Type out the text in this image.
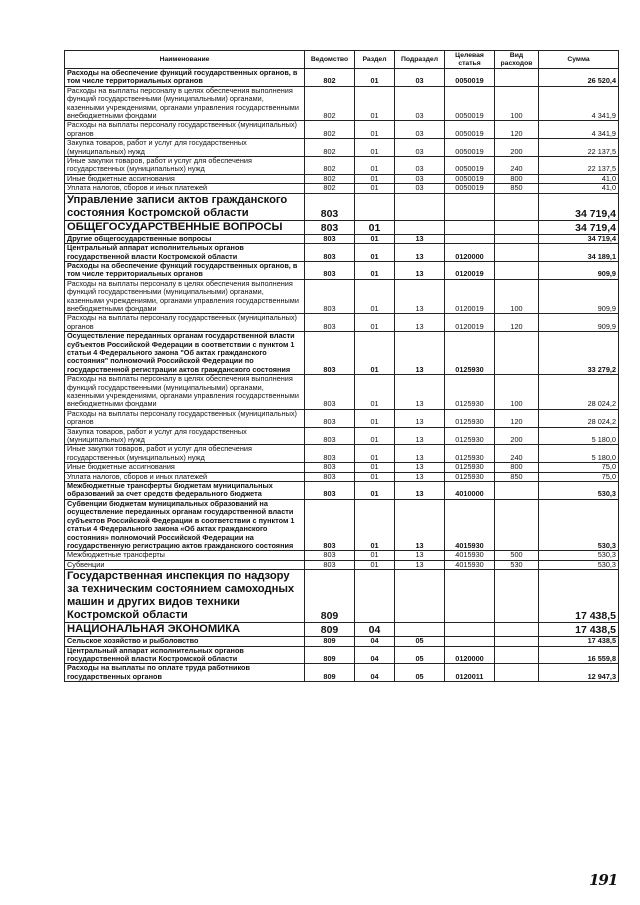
Наименование	Ведомство	Раздел	Подраздел	Целевая статья	Вид расходов	Сумма
Расходы на обеспечение функций государственных органов, в том числе территориальных органов	802	01	03	0050019		26 520,4
Расходы на выплаты персоналу в целях обеспечения выполнения функций государственными (муниципальными) органами, казенными учреждениями, органами управления государственными внебюджетными фондами	802	01	03	0050019	100	4 341,9
Расходы на выплаты персоналу государственных (муниципальных) органов	802	01	03	0050019	120	4 341,9
Закупка товаров, работ и услуг для государственных (муниципальных) нужд	802	01	03	0050019	200	22 137,5
Иные закупки товаров, работ и услуг для обеспечения государственных (муниципальных) нужд	802	01	03	0050019	240	22 137,5
Иные бюджетные ассигнования	802	01	03	0050019	800	41,0
Уплата налогов, сборов и иных платежей	802	01	03	0050019	850	41,0
Управление записи актов гражданского состояния Костромской области	803					34 719,4
ОБЩЕГОСУДАРСТВЕННЫЕ ВОПРОСЫ	803	01				34 719,4
Другие общегосударственные вопросы	803	01	13			34 719,4
Центральный аппарат исполнительных органов государственной власти Костромской области	803	01	13	0120000		34 189,1
Расходы на обеспечение функций государственных органов, в том числе территориальных органов	803	01	13	0120019		909,9
Расходы на выплаты персоналу в целях обеспечения выполнения функций государственными (муниципальными) органами, казенными учреждениями, органами управления государственными внебюджетными фондами	803	01	13	0120019	100	909,9
Расходы на выплаты персоналу государственных (муниципальных) органов	803	01	13	0120019	120	909,9
Осуществление переданных органам государственной власти субъектов Российской Федерации в соответствии с пунктом 1 статьи 4 Федерального закона "Об актах гражданского состояния" полномочий Российской Федерации по государственной регистрации актов гражданского состояния	803	01	13	0125930		33 279,2
Расходы на выплаты персоналу в целях обеспечения выполнения функций государственными (муниципальными) органами, казенными учреждениями, органами управления государственными внебюджетными фондами	803	01	13	0125930	100	28 024,2
Расходы на выплаты персоналу государственных (муниципальных) органов	803	01	13	0125930	120	28 024,2
Закупка товаров, работ и услуг для государственных (муниципальных) нужд	803	01	13	0125930	200	5 180,0
Иные закупки товаров, работ и услуг для обеспечения государственных (муниципальных) нужд	803	01	13	0125930	240	5 180,0
Иные бюджетные ассигнования	803	01	13	0125930	800	75,0
Уплата налогов, сборов и иных платежей	803	01	13	0125930	850	75,0
Межбюджетные трансферты бюджетам муниципальных образований за счет средств федерального бюджета	803	01	13	4010000		530,3
Субвенции бюджетам муниципальных образований на осуществление переданных органам государственной власти субъектов Российской Федерации в соответствии с пунктом 1 статьи 4 Федерального закона «Об актах гражданского состояния» полномочий Российской Федерации на государственную регистрацию актов гражданского состояния	803	01	13	4015930		530,3
Межбюджетные трансферты	803	01	13	4015930	500	530,3
Субвенции	803	01	13	4015930	530	530,3
Государственная инспекция по надзору за техническим состоянием самоходных машин и других видов техники Костромской области	809					17 438,5
НАЦИОНАЛЬНАЯ ЭКОНОМИКА	809	04				17 438,5
Сельское хозяйство и рыболовство	809	04	05			17 438,5
Центральный аппарат исполнительных органов государственной власти Костромской области	809	04	05	0120000		16 559,8
Расходы на выплаты по оплате труда работников государственных органов	809	04	05	0120011		12 947,3
191
